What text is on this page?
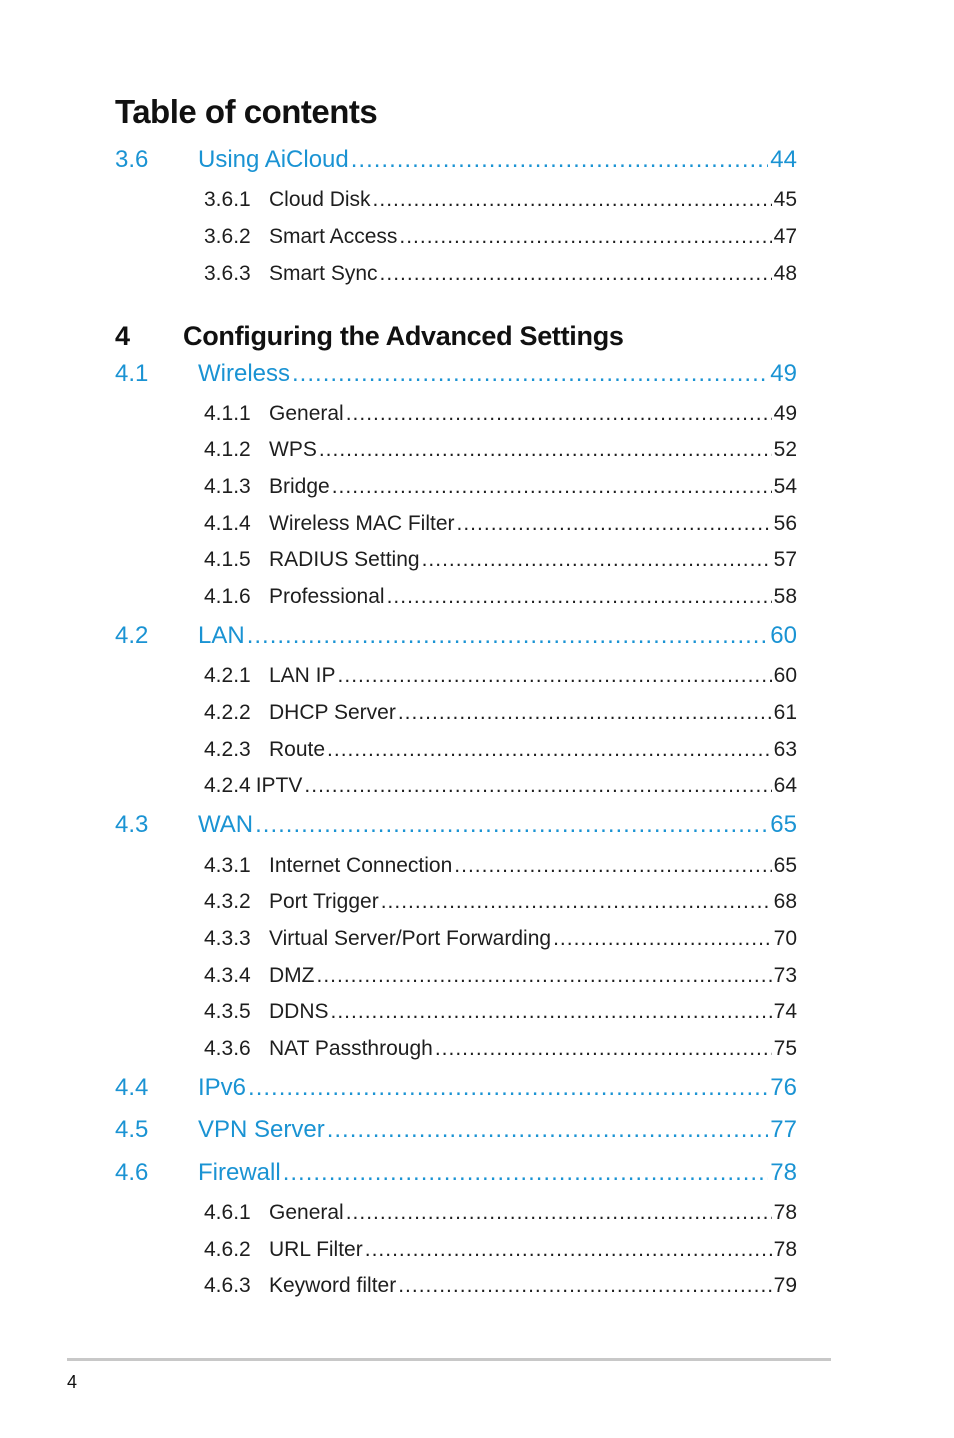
Table of contents
4	Configuring the Advanced Settings
3.6	Using AiCloud .....	44
3.6.1 Cloud Disk .....	45
3.6.2 Smart Access .....	47
3.6.3 Smart Sync .....	48
4.1	Wireless .....	49
4.1.1 General .....	49
4.1.2 WPS .....	52
4.1.3 Bridge .....	54
4.1.4 Wireless MAC Filter .....	56
4.1.5 RADIUS Setting .....	57
4.1.6 Professional .....	58
4.2	LAN .....	60
4.2.1 LAN IP .....	60
4.2.2 DHCP Server .....	61
4.2.3 Route .....	63
4.2.4 IPTV .....	64
4.3	WAN .....	65
4.3.1 Internet Connection .....	65
4.3.2 Port Trigger .....	68
4.3.3 Virtual Server/Port Forwarding .....	70
4.3.4 DMZ .....	73
4.3.5 DDNS .....	74
4.3.6 NAT Passthrough .....	75
4.4	IPv6 .....	76
4.5	VPN Server .....	77
4.6	Firewall .....	78
4.6.1 General .....	78
4.6.2 URL Filter .....	78
4.6.3 Keyword filter .....	79
4
